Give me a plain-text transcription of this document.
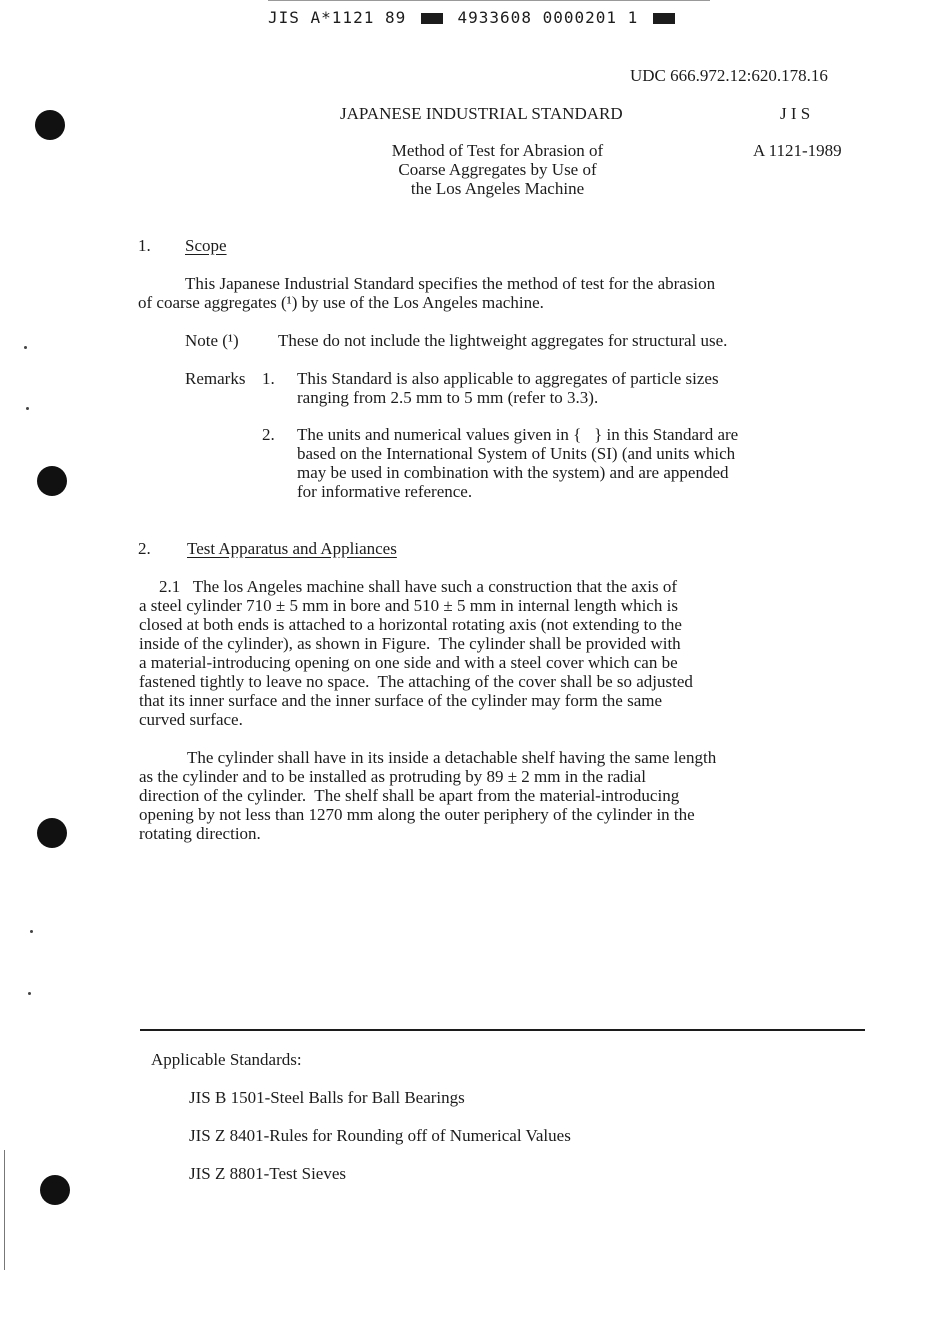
JIS A*1121 89	4933608 0000201 1
UDC 666.972.12:620.178.16
JAPANESE INDUSTRIAL STANDARD	J I S
A 1121-1989
Method of Test for Abrasion of
Coarse Aggregates by Use of
the Los Angeles Machine
1. Scope
This Japanese Industrial Standard specifies the method of test for the abrasion
of coarse aggregates (¹) by use of the Los Angeles machine.
Note (¹) These do not include the lightweight aggregates for structural use.
Remarks 1. This Standard is also applicable to aggregates of particle sizes
ranging from 2.5 mm to 5 mm (refer to 3.3).
2. The units and numerical values given in {   } in this Standard are
based on the International System of Units (SI) (and units which
may be used in combination with the system) and are appended
for informative reference.
2. Test Apparatus and Appliances
2.1   The los Angeles machine shall have such a construction that the axis of
a steel cylinder 710 ± 5 mm in bore and 510 ± 5 mm in internal length which is
closed at both ends is attached to a horizontal rotating axis (not extending to the
inside of the cylinder), as shown in Figure.  The cylinder shall be provided with
a material-introducing opening on one side and with a steel cover which can be
fastened tightly to leave no space.  The attaching of the cover shall be so adjusted
that its inner surface and the inner surface of the cylinder may form the same
curved surface.
The cylinder shall have in its inside a detachable shelf having the same length
as the cylinder and to be installed as protruding by 89 ± 2 mm in the radial
direction of the cylinder.  The shelf shall be apart from the material-introducing
opening by not less than 1270 mm along the outer periphery of the cylinder in the
rotating direction.
Applicable Standards:
JIS B 1501-Steel Balls for Ball Bearings
JIS Z 8401-Rules for Rounding off of Numerical Values
JIS Z 8801-Test Sieves
